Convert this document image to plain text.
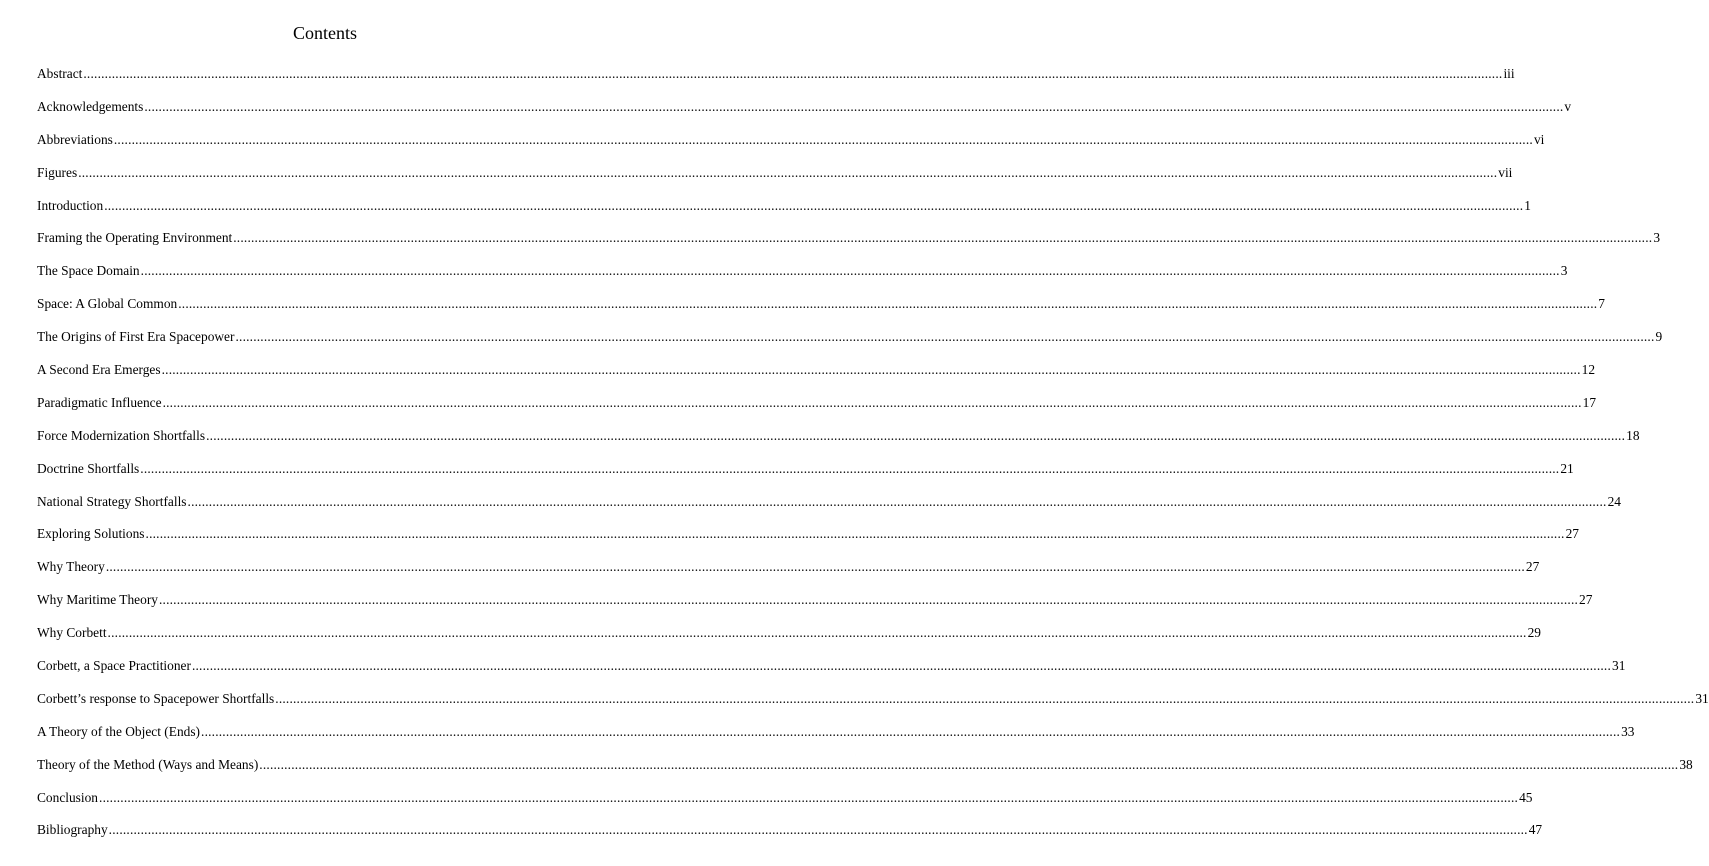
Contents
Abstract ................................................................................................................................................................................................................................................................................................................................................................................................................ iii
Acknowledgements ................................................................................................................................................................................................................................................................................................................................................................................................................ v
Abbreviations ................................................................................................................................................................................................................................................................................................................................................................................................................ vi
Figures ................................................................................................................................................................................................................................................................................................................................................................................................................ vii
Introduction ................................................................................................................................................................................................................................................................................................................................................................................................................ 1
Framing the Operating Environment ................................................................................................................................................................................................................................................................................................................................................................................................................ 3
The Space Domain ................................................................................................................................................................................................................................................................................................................................................................................................................ 3
Space: A Global Common ................................................................................................................................................................................................................................................................................................................................................................................................................ 7
The Origins of First Era Spacepower ................................................................................................................................................................................................................................................................................................................................................................................................................ 9
A Second Era Emerges ................................................................................................................................................................................................................................................................................................................................................................................................................ 12
Paradigmatic Influence ................................................................................................................................................................................................................................................................................................................................................................................................................ 17
Force Modernization Shortfalls ................................................................................................................................................................................................................................................................................................................................................................................................................ 18
Doctrine Shortfalls ................................................................................................................................................................................................................................................................................................................................................................................................................ 21
National Strategy Shortfalls ................................................................................................................................................................................................................................................................................................................................................................................................................ 24
Exploring Solutions ................................................................................................................................................................................................................................................................................................................................................................................................................ 27
Why Theory ................................................................................................................................................................................................................................................................................................................................................................................................................ 27
Why Maritime Theory ................................................................................................................................................................................................................................................................................................................................................................................................................ 27
Why Corbett ................................................................................................................................................................................................................................................................................................................................................................................................................ 29
Corbett, a Space Practitioner ................................................................................................................................................................................................................................................................................................................................................................................................................ 31
Corbett’s response to Spacepower Shortfalls ................................................................................................................................................................................................................................................................................................................................................................................................................ 31
A Theory of the Object (Ends) ................................................................................................................................................................................................................................................................................................................................................................................................................ 33
Theory of the Method (Ways and Means) ................................................................................................................................................................................................................................................................................................................................................................................................................ 38
Conclusion ................................................................................................................................................................................................................................................................................................................................................................................................................ 45
Bibliography ................................................................................................................................................................................................................................................................................................................................................................................................................ 47
